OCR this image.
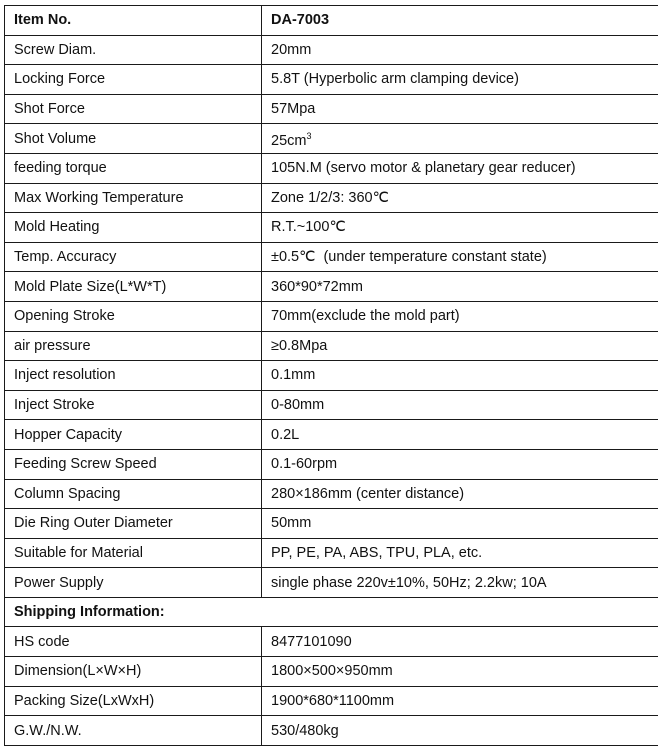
Item No.	DA-7003
Screw Diam.	20mm
Locking Force	5.8T (Hyperbolic arm clamping device)
Shot Force	57Mpa
Shot Volume	$25cm^3$
feeding torque	105N.M (servo motor & planetary gear reducer)
Max Working Temperature	Zone 1/2/3: 360℃
Mold Heating	R.T.~100℃
Temp. Accuracy	±0.5℃  (under temperature constant state)
Mold Plate Size(L*W*T)	360*90*72mm
Opening Stroke	70mm(exclude the mold part)
air pressure	≥0.8Mpa
Inject resolution	0.1mm
Inject Stroke	0-80mm
Hopper Capacity	0.2L
Feeding Screw Speed	0.1-60rpm
Column Spacing	280×186mm (center distance)
Die Ring Outer Diameter	50mm
Suitable for Material	PP, PE, PA, ABS, TPU, PLA, etc.
Power Supply	single phase 220v±10%, 50Hz; 2.2kw; 10A
Shipping Information:	
HS code	8477101090
Dimension(L×W×H)	1800×500×950mm
Packing Size(LxWxH)	1900*680*1100mm
G.W./N.W.	530/480kg
